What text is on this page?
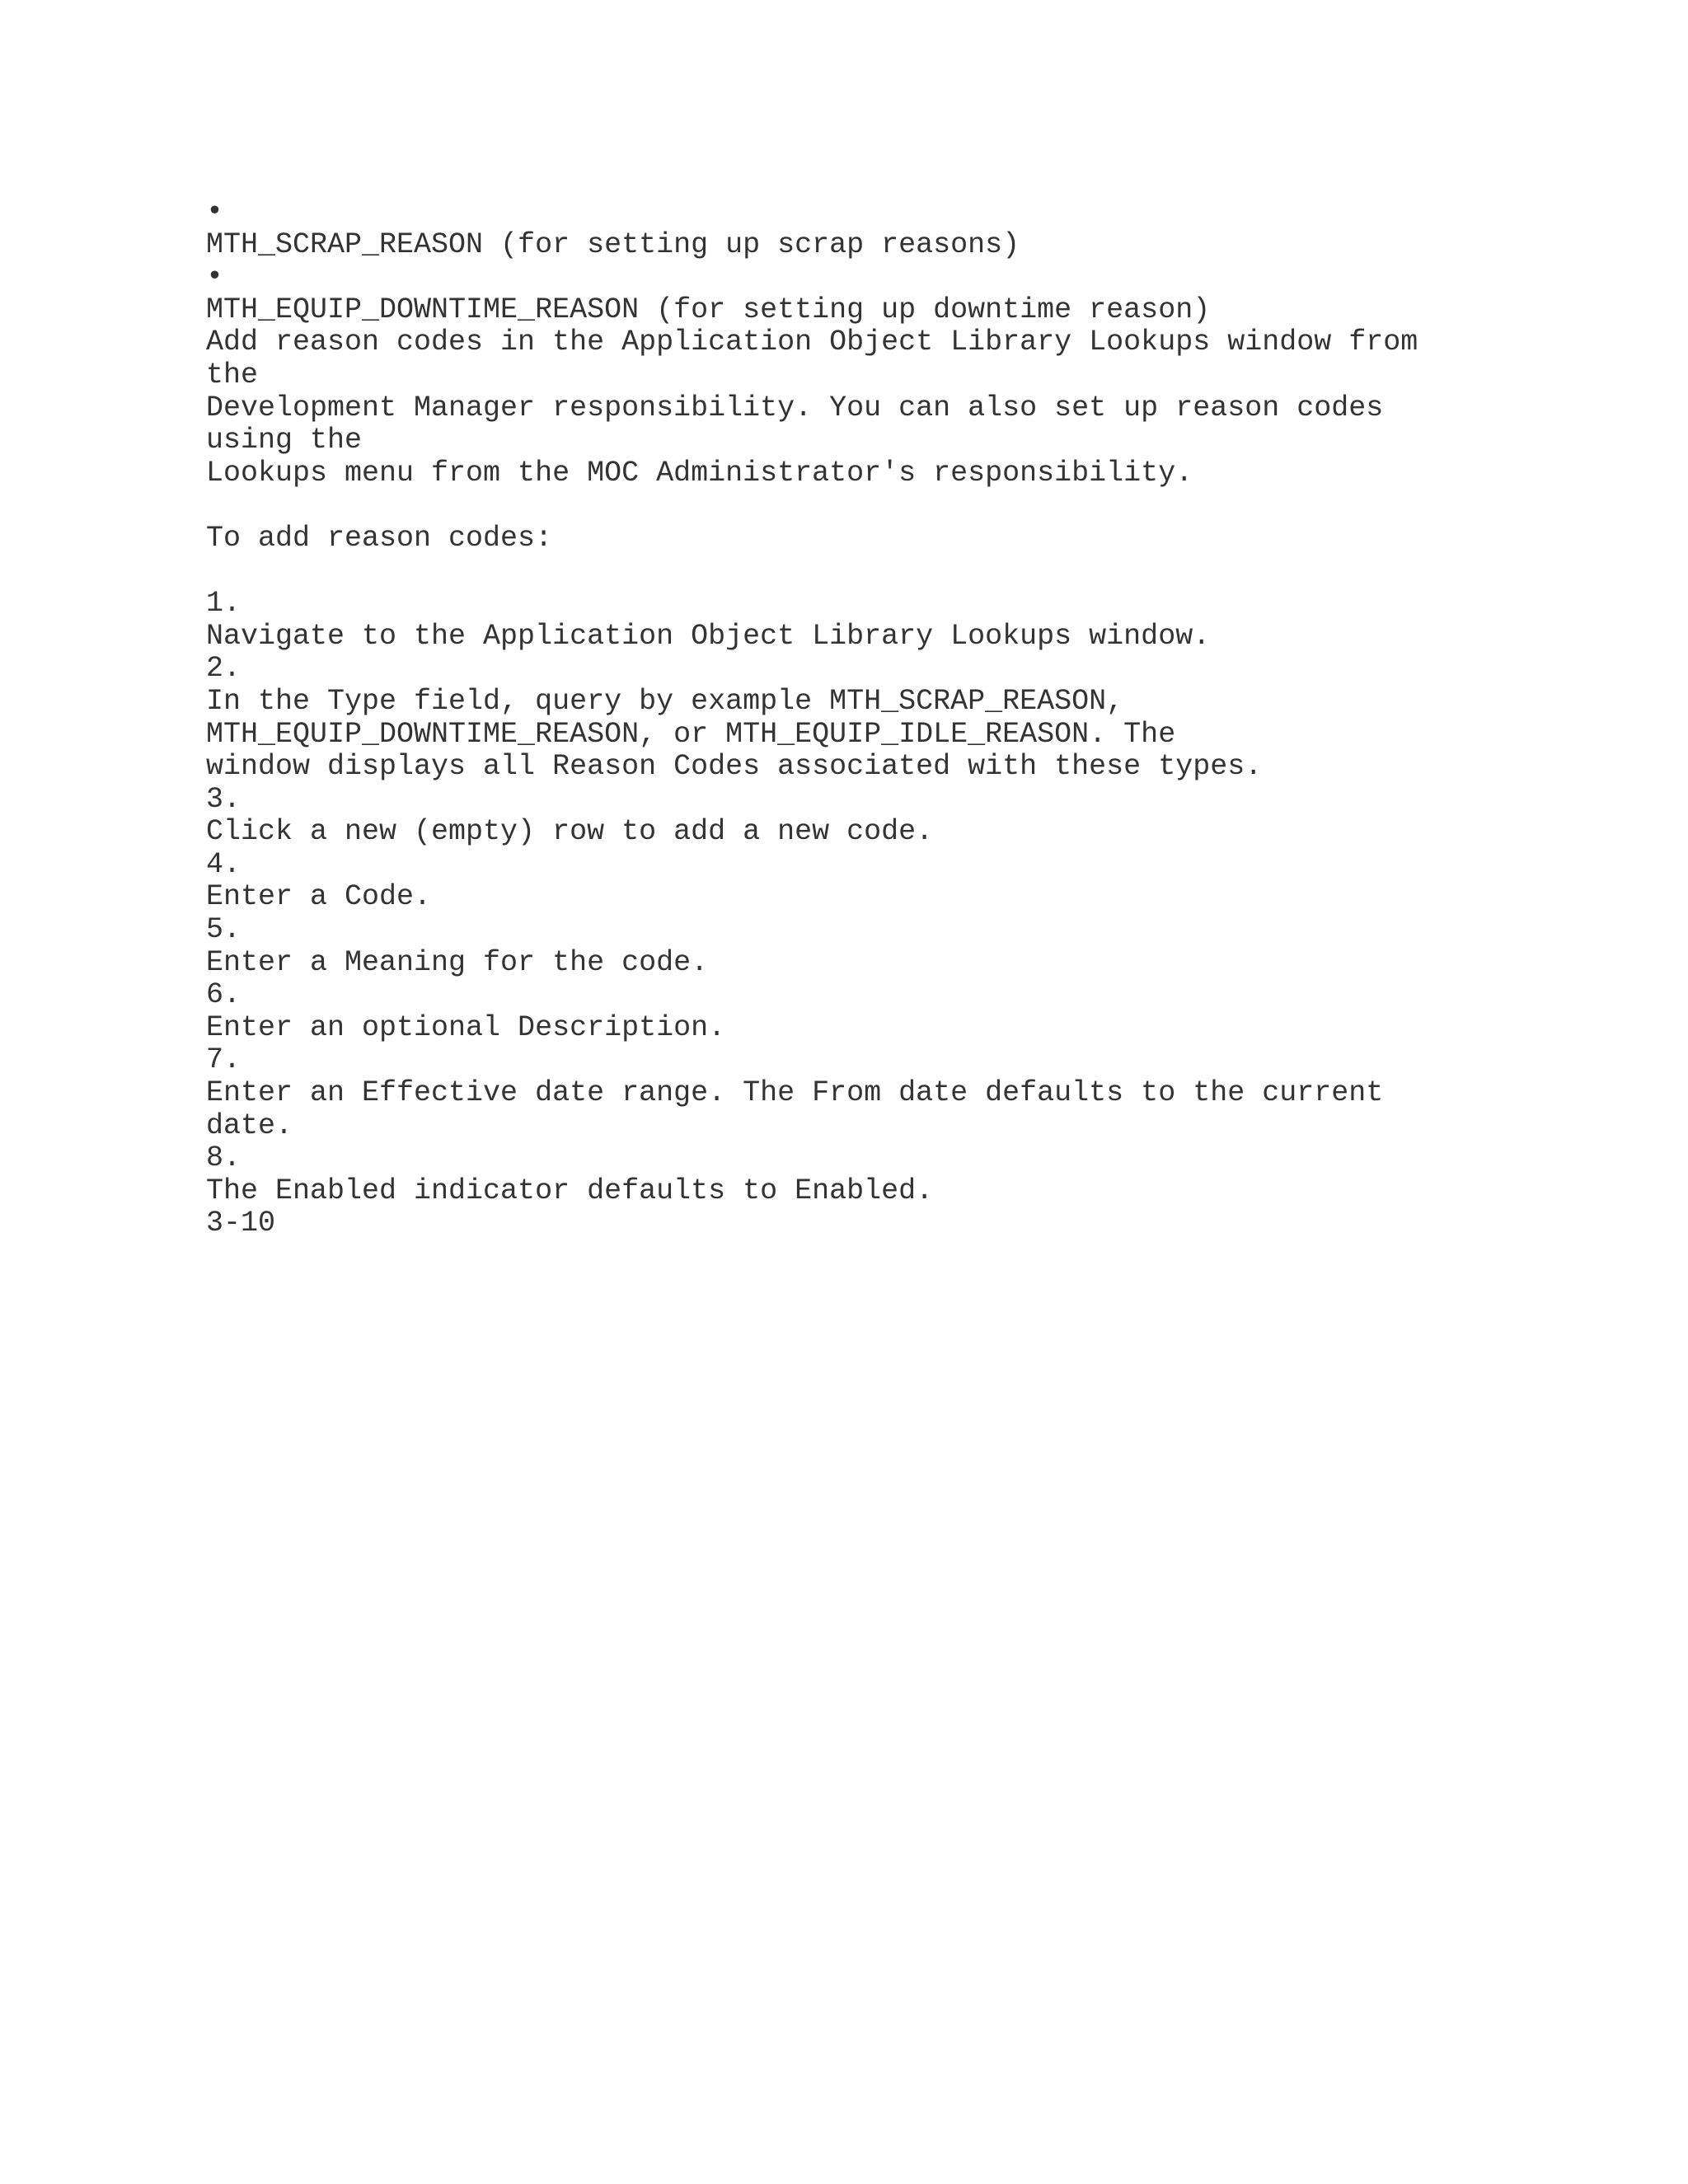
•
MTH_SCRAP_REASON (for setting up scrap reasons)
•
MTH_EQUIP_DOWNTIME_REASON (for setting up downtime reason)
Add reason codes in the Application Object Library Lookups window from
the
Development Manager responsibility. You can also set up reason codes
using the
Lookups menu from the MOC Administrator's responsibility.
To add reason codes:
1.
Navigate to the Application Object Library Lookups window.
2.
In the Type field, query by example MTH_SCRAP_REASON,
MTH_EQUIP_DOWNTIME_REASON, or MTH_EQUIP_IDLE_REASON. The
window displays all Reason Codes associated with these types.
3.
Click a new (empty) row to add a new code.
4.
Enter a Code.
5.
Enter a Meaning for the code.
6.
Enter an optional Description.
7.
Enter an Effective date range. The From date defaults to the current
date.
8.
The Enabled indicator defaults to Enabled.
3-10
